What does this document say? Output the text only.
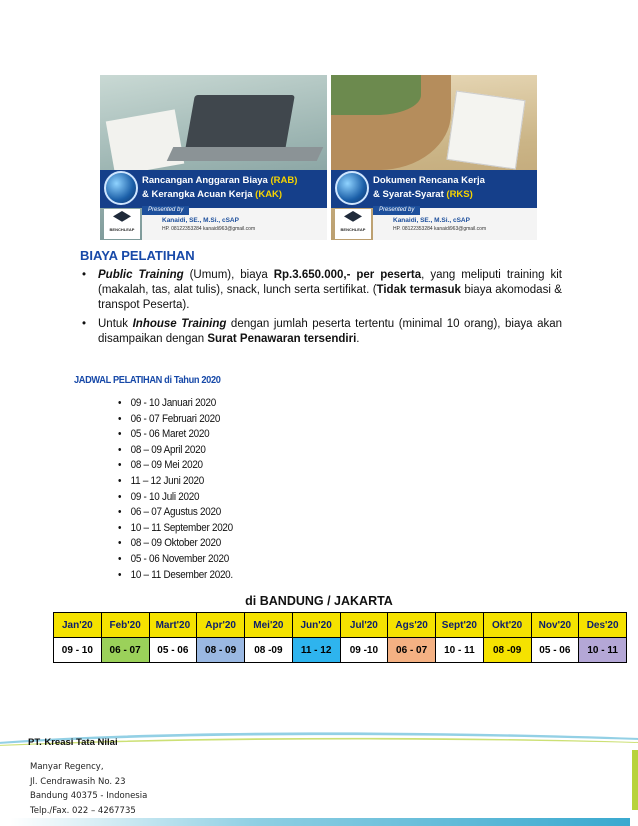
Rancangan Anggaran Biaya (RAB)
& Kerangka Acuan Kerja (KAK)
Presented by
Kanaidi, SE., M.Si., cSAP
HP. 08122353284 kanaidi963@gmail.com
BENCHLEAP
Dokumen Rencana Kerja
& Syarat-Syarat (RKS)
Presented by
Kanaidi, SE., M.Si., cSAP
HP. 08122353284 kanaidi963@gmail.com
BENCHLEAP
BIAYA PELATIHAN
• Public Training (Umum), biaya Rp.3.650.000,- per peserta, yang meliputi training kit (makalah, tas, alat tulis), snack, lunch serta sertifikat. (Tidak termasuk biaya akomodasi & transpot Peserta).
• Untuk Inhouse Training dengan jumlah peserta tertentu (minimal 10 orang), biaya akan disampaikan dengan Surat Penawaran tersendiri.
JADWAL PELATIHAN di Tahun 2020
• 09 - 10 Januari 2020
• 06 - 07 Februari 2020
• 05 - 06 Maret 2020
• 08 – 09 April 2020
• 08 – 09 Mei 2020
• 11 – 12 Juni 2020
• 09 - 10 Juli 2020
• 06 – 07 Agustus 2020
• 10 – 11 September 2020
• 08 – 09 Oktober 2020
• 05 - 06 November 2020
• 10 – 11 Desember 2020.
di BANDUNG / JAKARTA
Jan'20	Feb'20	Mart'20	Apr'20	Mei'20	Jun'20	Jul'20	Ags'20	Sept'20	Okt'20	Nov'20	Des'20
09 - 10	06 - 07	05 - 06	08 - 09	08 -09	11 - 12	09 -10	06 - 07	10 - 11	08 -09	05 - 06	10 - 11
PT. Kreasi Tata Nilai
Manyar Regency,
Jl. Cendrawasih No. 23
Bandung 40375 - Indonesia
Telp./Fax. 022 – 4267735
